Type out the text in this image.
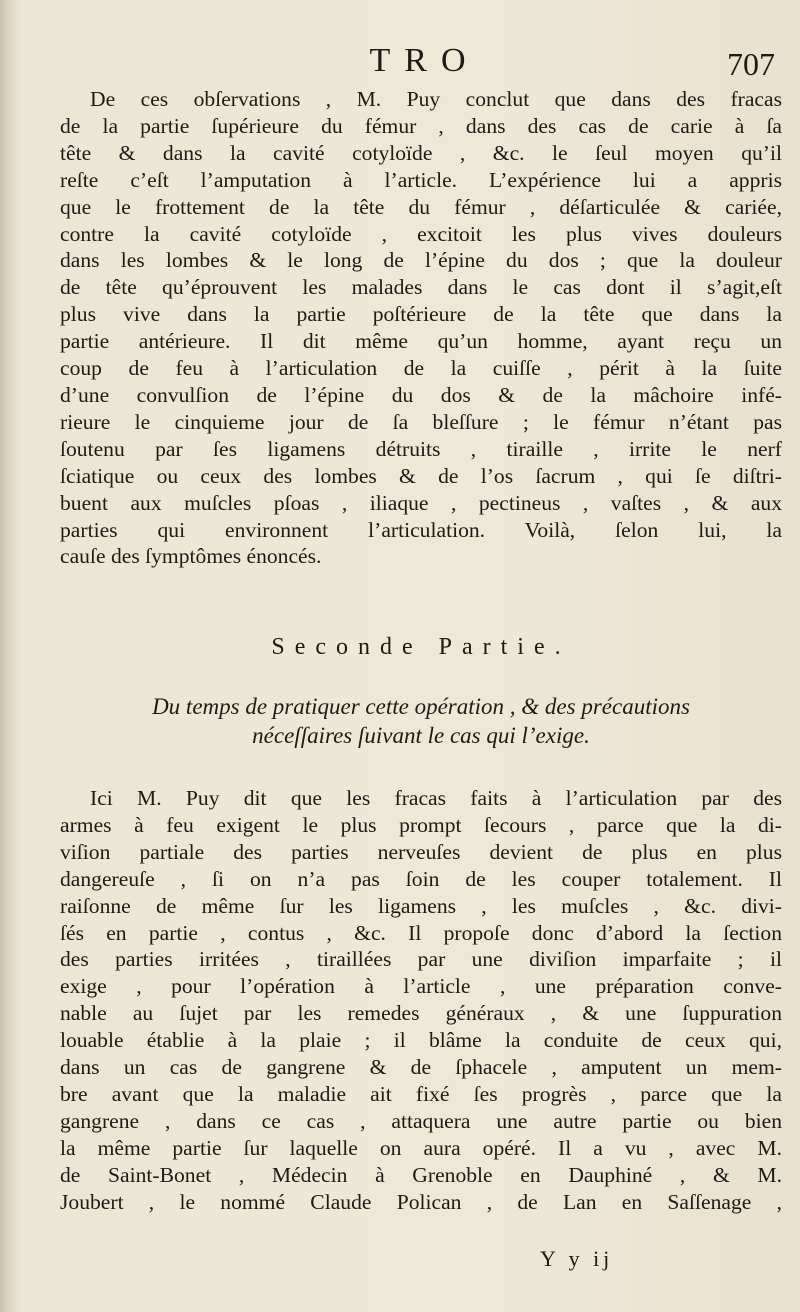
TRO	707
De ces obſervations , M. Puy conclut que dans des fracas
de la partie ſupérieure du fémur , dans des cas de carie à ſa
tête & dans la cavité cotyloïde , &c. le ſeul moyen qu’il
reſte c’eſt l’amputation à l’article. L’expérience lui a appris
que le frottement de la tête du fémur , déſarticulée & cariée,
contre la cavité cotyloïde , excitoit les plus vives douleurs
dans les lombes & le long de l’épine du dos ; que la douleur
de tête qu’éprouvent les malades dans le cas dont il s’agit,eſt
plus vive dans la partie poſtérieure de la tête que dans la
partie antérieure. Il dit même qu’un homme, ayant reçu un
coup de feu à l’articulation de la cuiſſe , périt à la ſuite
d’une convulſion de l’épine du dos & de la mâchoire infé-
rieure le cinquieme jour de ſa bleſſure ; le fémur n’étant pas
ſoutenu par ſes ligamens détruits , tiraille , irrite le nerf
ſciatique ou ceux des lombes & de l’os ſacrum , qui ſe diſtri-
buent aux muſcles pſoas , iliaque , pectineus , vaſtes , & aux
parties qui environnent l’articulation. Voilà, ſelon lui, la
cauſe des ſymptômes énoncés.
Seconde Partie.
Du temps de pratiquer cette opération , & des précautions
néceſſaires ſuivant le cas qui l’exige.
Ici M. Puy dit que les fracas faits à l’articulation par des
armes à feu exigent le plus prompt ſecours , parce que la di-
viſion partiale des parties nerveuſes devient de plus en plus
dangereuſe , ſi on n’a pas ſoin de les couper totalement. Il
raiſonne de même ſur les ligamens , les muſcles , &c. divi-
ſés en partie , contus , &c. Il propoſe donc d’abord la ſection
des parties irritées , tiraillées par une diviſion imparfaite ; il
exige , pour l’opération à l’article , une préparation conve-
nable au ſujet par les remedes généraux , & une ſuppuration
louable établie à la plaie ; il blâme la conduite de ceux qui,
dans un cas de gangrene & de ſphacele , amputent un mem-
bre avant que la maladie ait fixé ſes progrès , parce que la
gangrene , dans ce cas , attaquera une autre partie ou bien
la même partie ſur laquelle on aura opéré. Il a vu , avec M.
de Saint-Bonet , Médecin à Grenoble en Dauphiné , & M.
Joubert , le nommé Claude Polican , de Lan en Saſſenage ,
Y y ij
